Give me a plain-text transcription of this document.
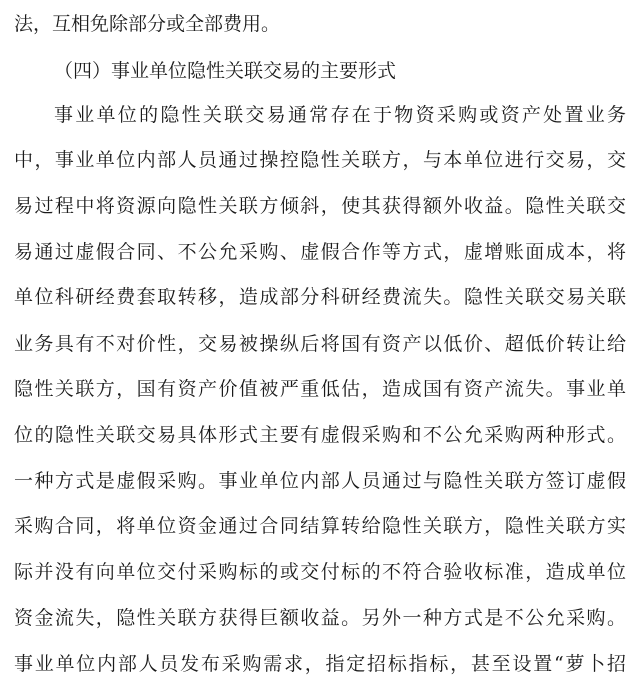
法，互相免除部分或全部费用。
（四）事业单位隐性关联交易的主要形式
事业单位的隐性关联交易通常存在于物资采购或资产处置业务
中，事业单位内部人员通过操控隐性关联方，与本单位进行交易，交
易过程中将资源向隐性关联方倾斜，使其获得额外收益。隐性关联交
易通过虚假合同、不公允采购、虚假合作等方式，虚增账面成本，将
单位科研经费套取转移，造成部分科研经费流失。隐性关联交易关联
业务具有不对价性，交易被操纵后将国有资产以低价、超低价转让给
隐性关联方，国有资产价值被严重低估，造成国有资产流失。事业单
位的隐性关联交易具体形式主要有虚假采购和不公允采购两种形式。
一种方式是虚假采购。事业单位内部人员通过与隐性关联方签订虚假
采购合同，将单位资金通过合同结算转给隐性关联方，隐性关联方实
际并没有向单位交付采购标的或交付标的不符合验收标准，造成单位
资金流失，隐性关联方获得巨额收益。另外一种方式是不公允采购。
事业单位内部人员发布采购需求，指定招标指标，甚至设置“萝卜招
